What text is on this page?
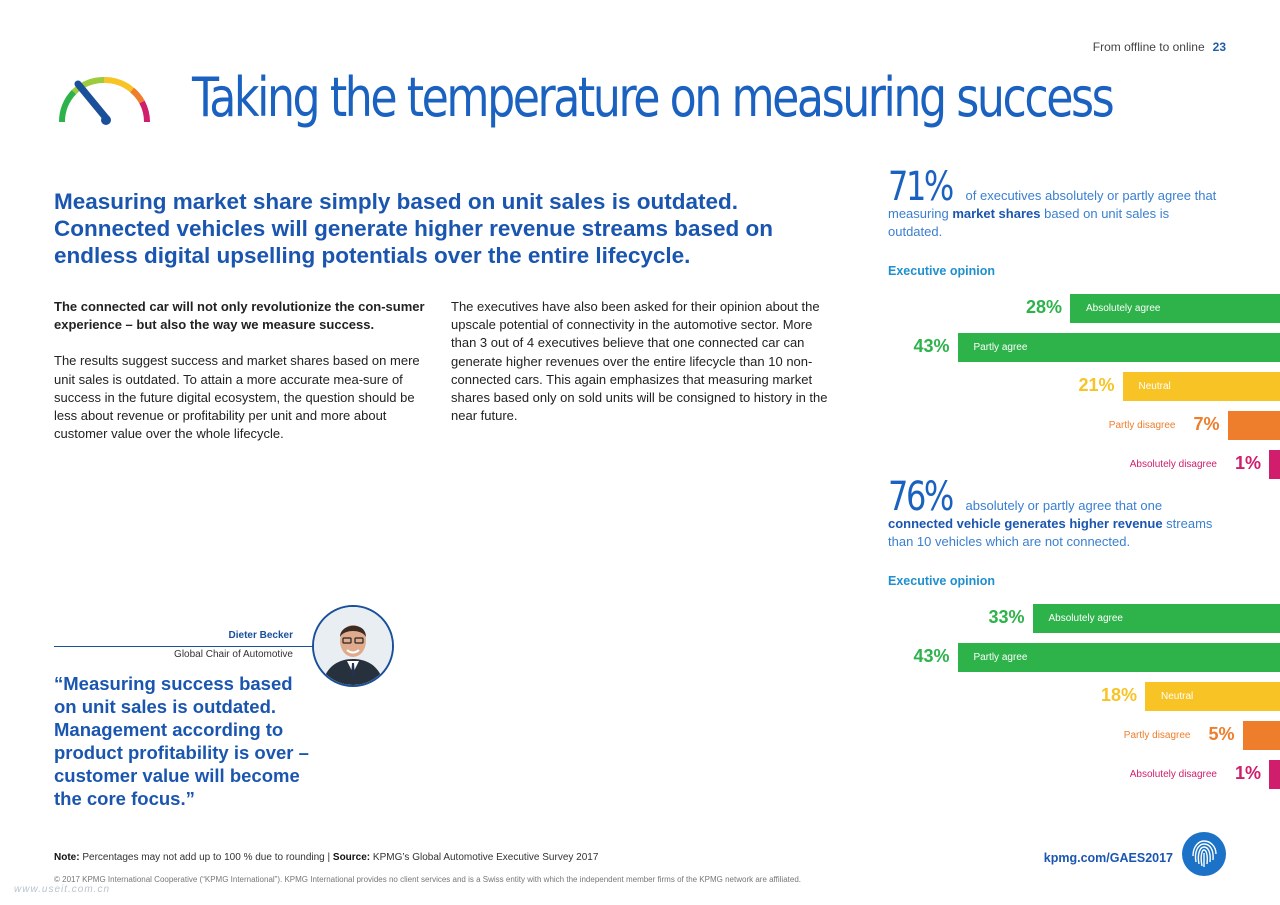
From offline to online 23
Taking the temperature on measuring success
Measuring market share simply based on unit sales is outdated. Connected vehicles will generate higher revenue streams based on endless digital upselling potentials over the entire lifecycle.

The connected car will not only revolutionize the con-sumer experience – but also the way we measure success.

The results suggest success and market shares based on mere unit sales is outdated. To attain a more accurate mea-sure of success in the future digital ecosystem, the question should be less about revenue or profitability per unit and more about customer value over the whole lifecycle.

The executives have also been asked for their opinion about the upscale potential of connectivity in the automotive sector. More than 3 out of 4 executives believe that one connected car can generate higher revenues over the entire lifecycle than 10 non-connected cars. This again emphasizes that measuring market shares based only on sold units will be consigned to history in the near future.

Dieter Becker
Global Chair of Automotive
“Measuring success based on unit sales is outdated. Management according to product profitability is over – customer value will become the core focus.”
71% of executives absolutely or partly agree that measuring market shares based on unit sales is outdated.
Executive opinion
28% Absolutely agree
43% Partly agree
21% Neutral
7%
Partly disagree
1%
Absolutely disagree
76% absolutely or partly agree that one connected vehicle generates higher revenue streams than 10 vehicles which are not connected.
Executive opinion
33% Absolutely agree
43% Partly agree
18% Neutral
5%
Partly disagree
1%
Absolutely disagree
Note: Percentages may not add up to 100 % due to rounding | Source: KPMG’s Global Automotive Executive Survey 2017
© 2017 KPMG International Cooperative (“KPMG International”). KPMG International provides no client services and is a Swiss entity with which the independent member firms of the KPMG network are affiliated.
www.useit.com.cn
kpmg.com/GAES2017
